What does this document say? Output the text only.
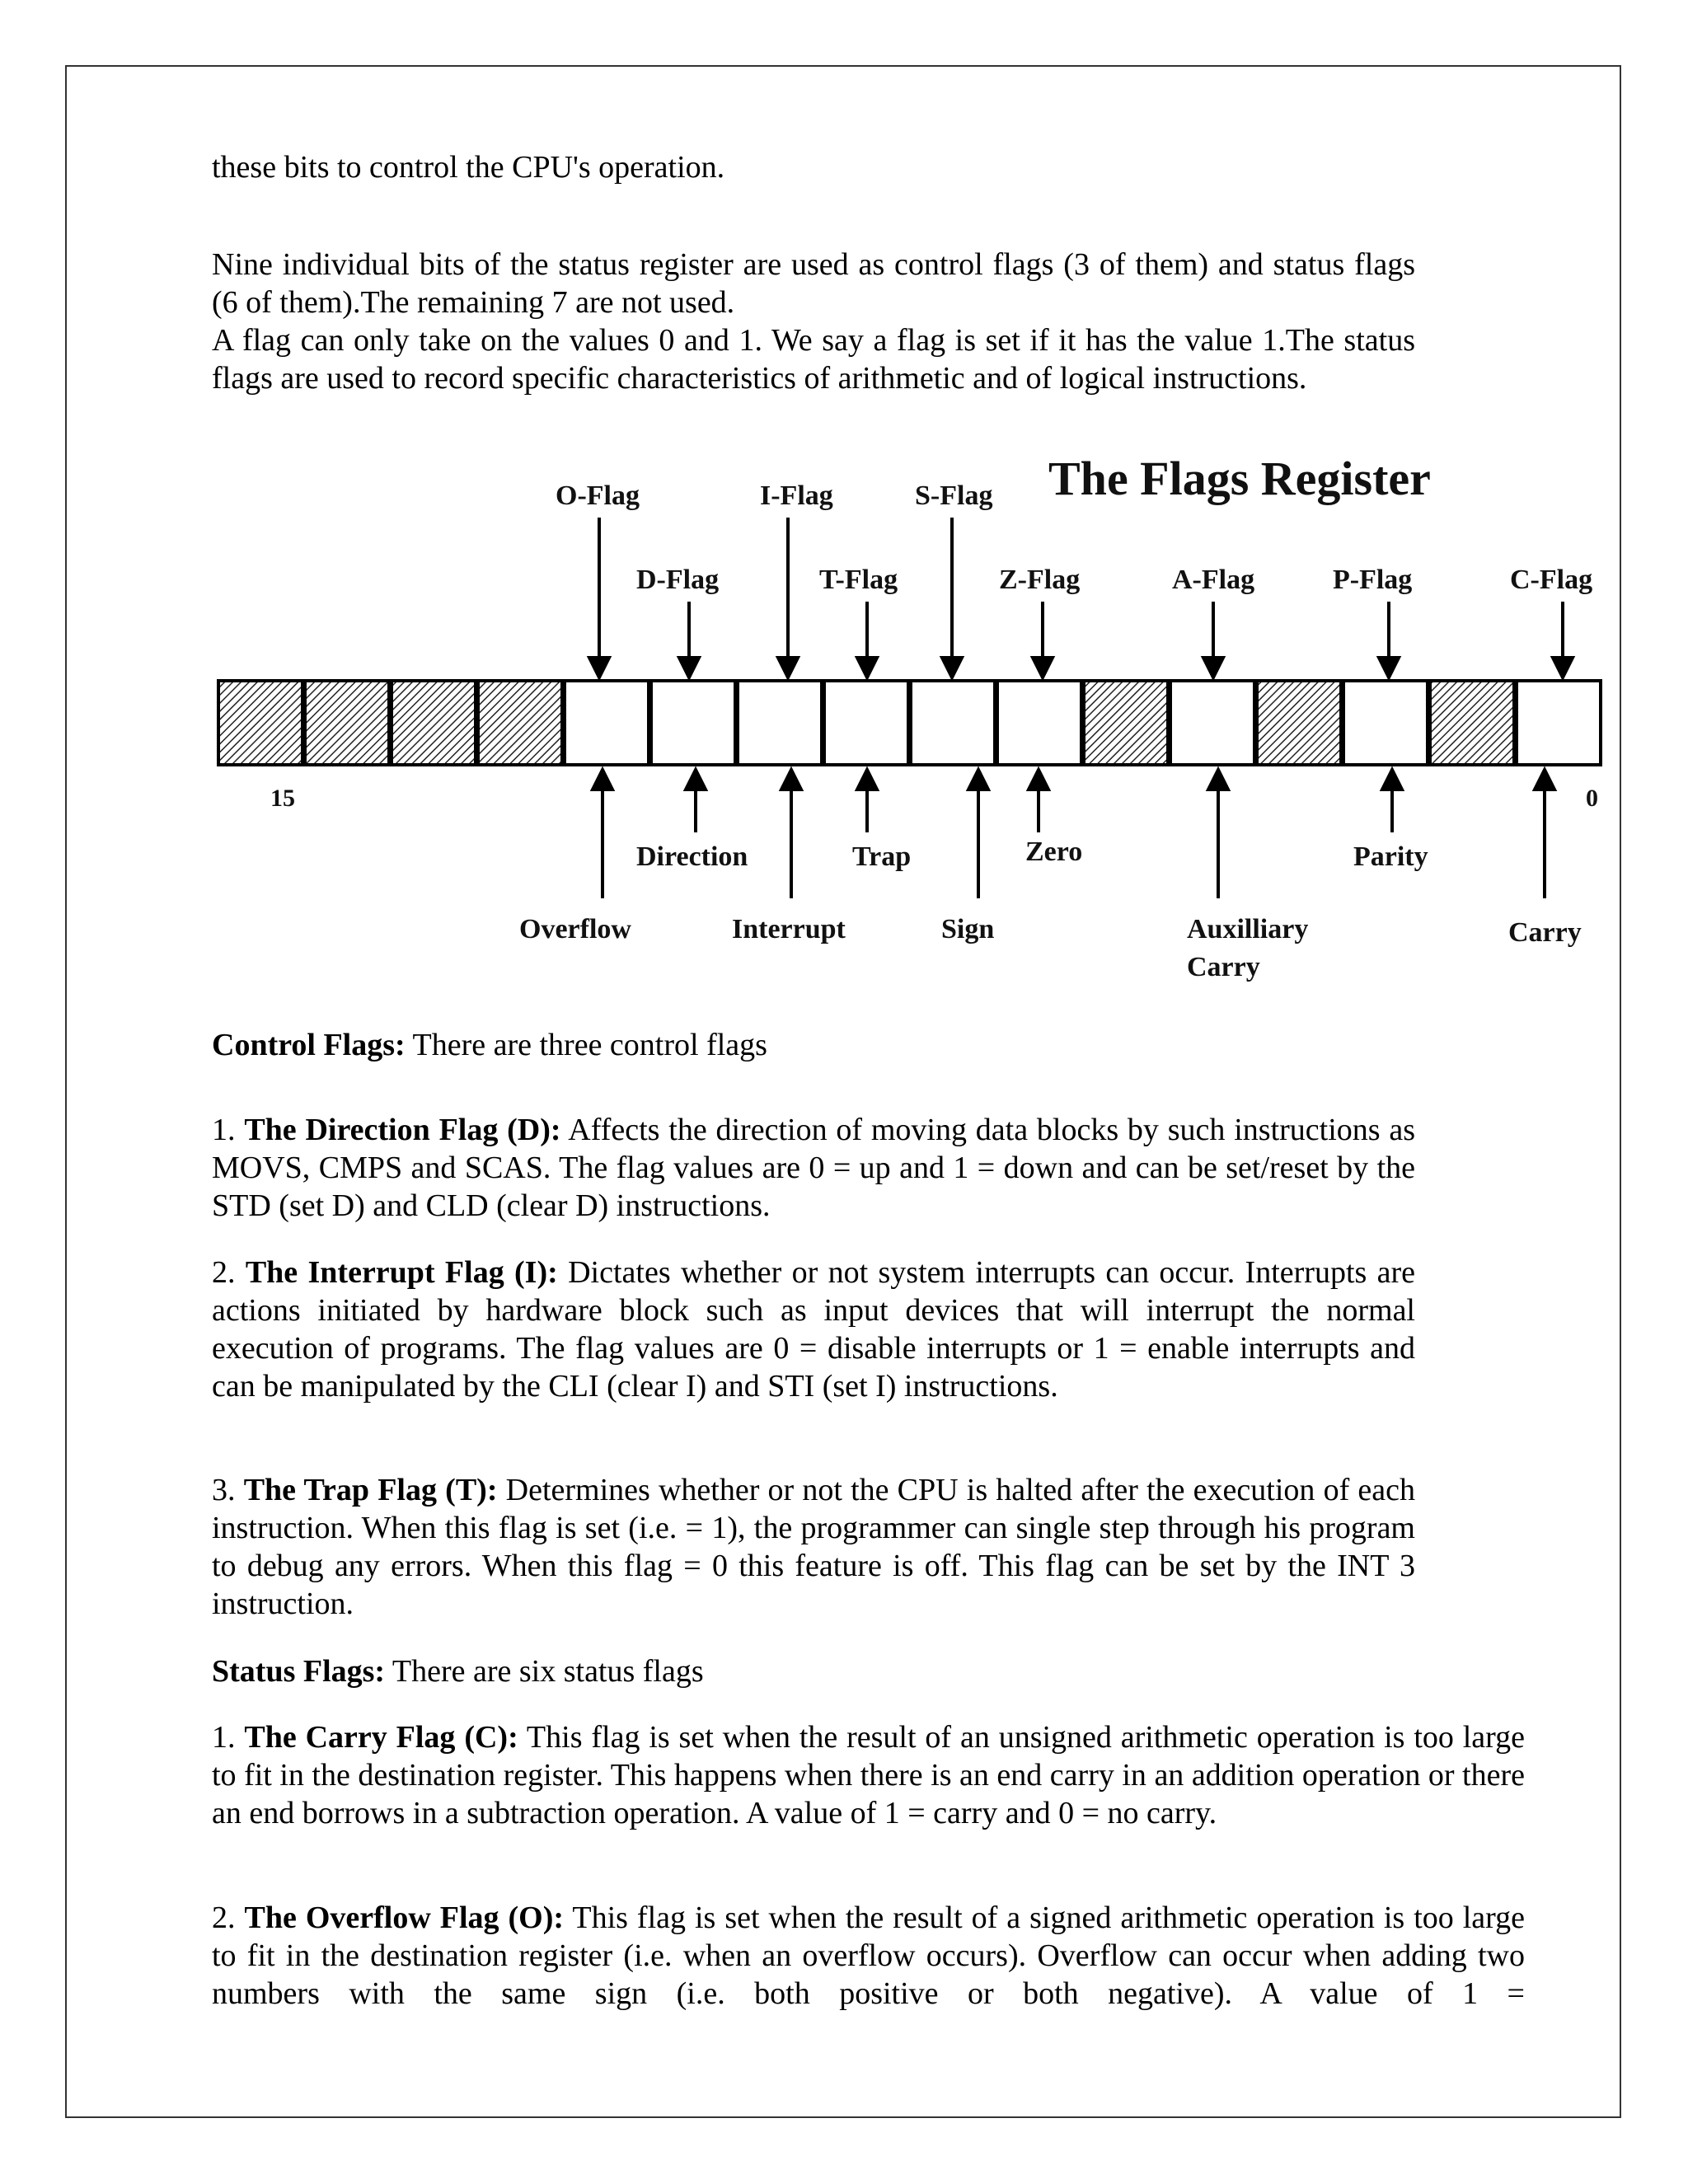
these bits to control the CPU's operation.

Nine individual bits of the status register are used as control flags (3 of them) and status flags (6 of them).The remaining 7 are not used.

A flag can only take on the values 0 and 1. We say a flag is set if it has the value 1.The status flags are used to record specific characteristics of arithmetic and of logical instructions.

The Flags Register
15	0
O-Flag
D-Flag
I-Flag
T-Flag
S-Flag
Z-Flag	A-Flag	P-Flag	C-Flag
Overflow
Direction
Interrupt
Trap
Sign
Zero
Auxilliary
Carry
Parity
Carry

Control Flags: There are three control flags

1. The Direction Flag (D): Affects the direction of moving data blocks by such instructions as MOVS, CMPS and SCAS. The flag values are 0 = up and 1 = down and can be set/reset by the STD (set D) and CLD (clear D) instructions.

2. The Interrupt Flag (I): Dictates whether or not system interrupts can occur. Interrupts are actions initiated by hardware block such as input devices that will interrupt the normal execution of programs. The flag values are 0 = disable interrupts or 1 = enable interrupts and can be manipulated by the CLI (clear I) and STI (set I) instructions.

3. The Trap Flag (T): Determines whether or not the CPU is halted after the execution of each instruction. When this flag is set (i.e. = 1), the programmer can single step through his program to debug any errors. When this flag = 0 this feature is off. This flag can be set by the INT 3 instruction.

Status Flags: There are six status flags

1. The Carry Flag (C): This flag is set when the result of an unsigned arithmetic operation is too large to fit in the destination register. This happens when there is an end carry in an addition operation or there an end borrows in a subtraction operation. A value of 1 = carry and 0 = no carry.

2. The Overflow Flag (O): This flag is set when the result of a signed arithmetic operation is too large to fit in the destination register (i.e. when an overflow occurs). Overflow can occur when adding two numbers with the same sign (i.e. both positive or both negative). A value of 1 =
